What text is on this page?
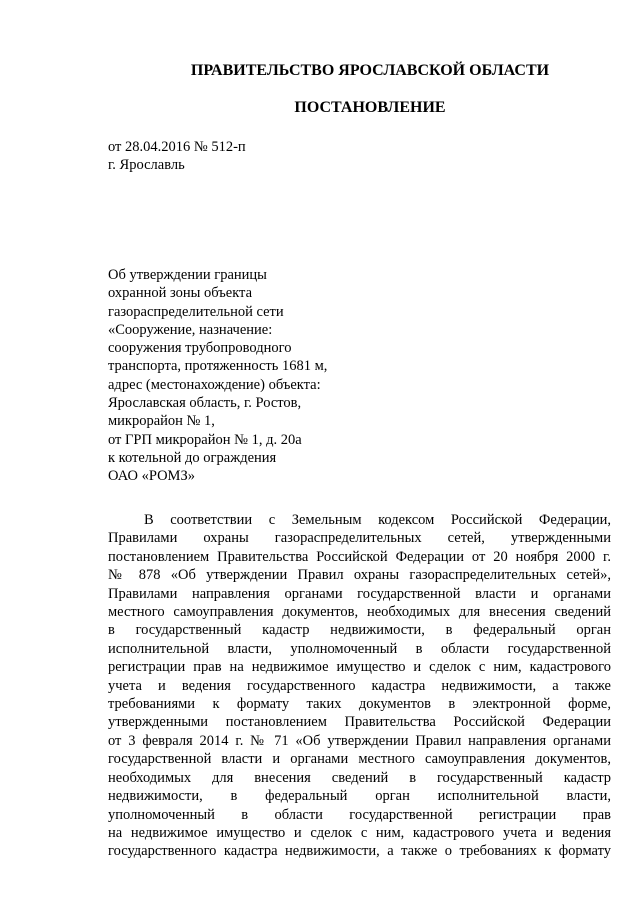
ПРАВИТЕЛЬСТВО ЯРОСЛАВСКОЙ ОБЛАСТИ
ПОСТАНОВЛЕНИЕ
от 28.04.2016 № 512-п
г. Ярославль
Об утверждении границы
охранной зоны объекта
газораспределительной сети
«Сооружение, назначение:
сооружения трубопроводного
транспорта, протяженность 1681 м,
адрес (местонахождение) объекта:
Ярославская область, г. Ростов,
микрорайон № 1,
от ГРП микрорайон № 1, д. 20а
к котельной до ограждения
ОАО «РОМЗ»
В соответствии с Земельным кодексом Российской Федерации,
Правилами охраны газораспределительных сетей, утвержденными
постановлением Правительства Российской Федерации от 20 ноября 2000 г.
№ 878 «Об утверждении Правил охраны газораспределительных сетей»,
Правилами направления органами государственной власти и органами
местного самоуправления документов, необходимых для внесения сведений
в государственный кадастр недвижимости, в федеральный орган
исполнительной власти, уполномоченный в области государственной
регистрации прав на недвижимое имущество и сделок с ним, кадастрового
учета и ведения государственного кадастра недвижимости, а также
требованиями к формату таких документов в электронной форме,
утвержденными постановлением Правительства Российской Федерации
от 3 февраля 2014 г. № 71 «Об утверждении Правил направления органами
государственной власти и органами местного самоуправления документов,
необходимых для внесения сведений в государственный кадастр
недвижимости, в федеральный орган исполнительной власти,
уполномоченный в области государственной регистрации прав
на недвижимое имущество и сделок с ним, кадастрового учета и ведения
государственного кадастра недвижимости, а также о требованиях к формату
